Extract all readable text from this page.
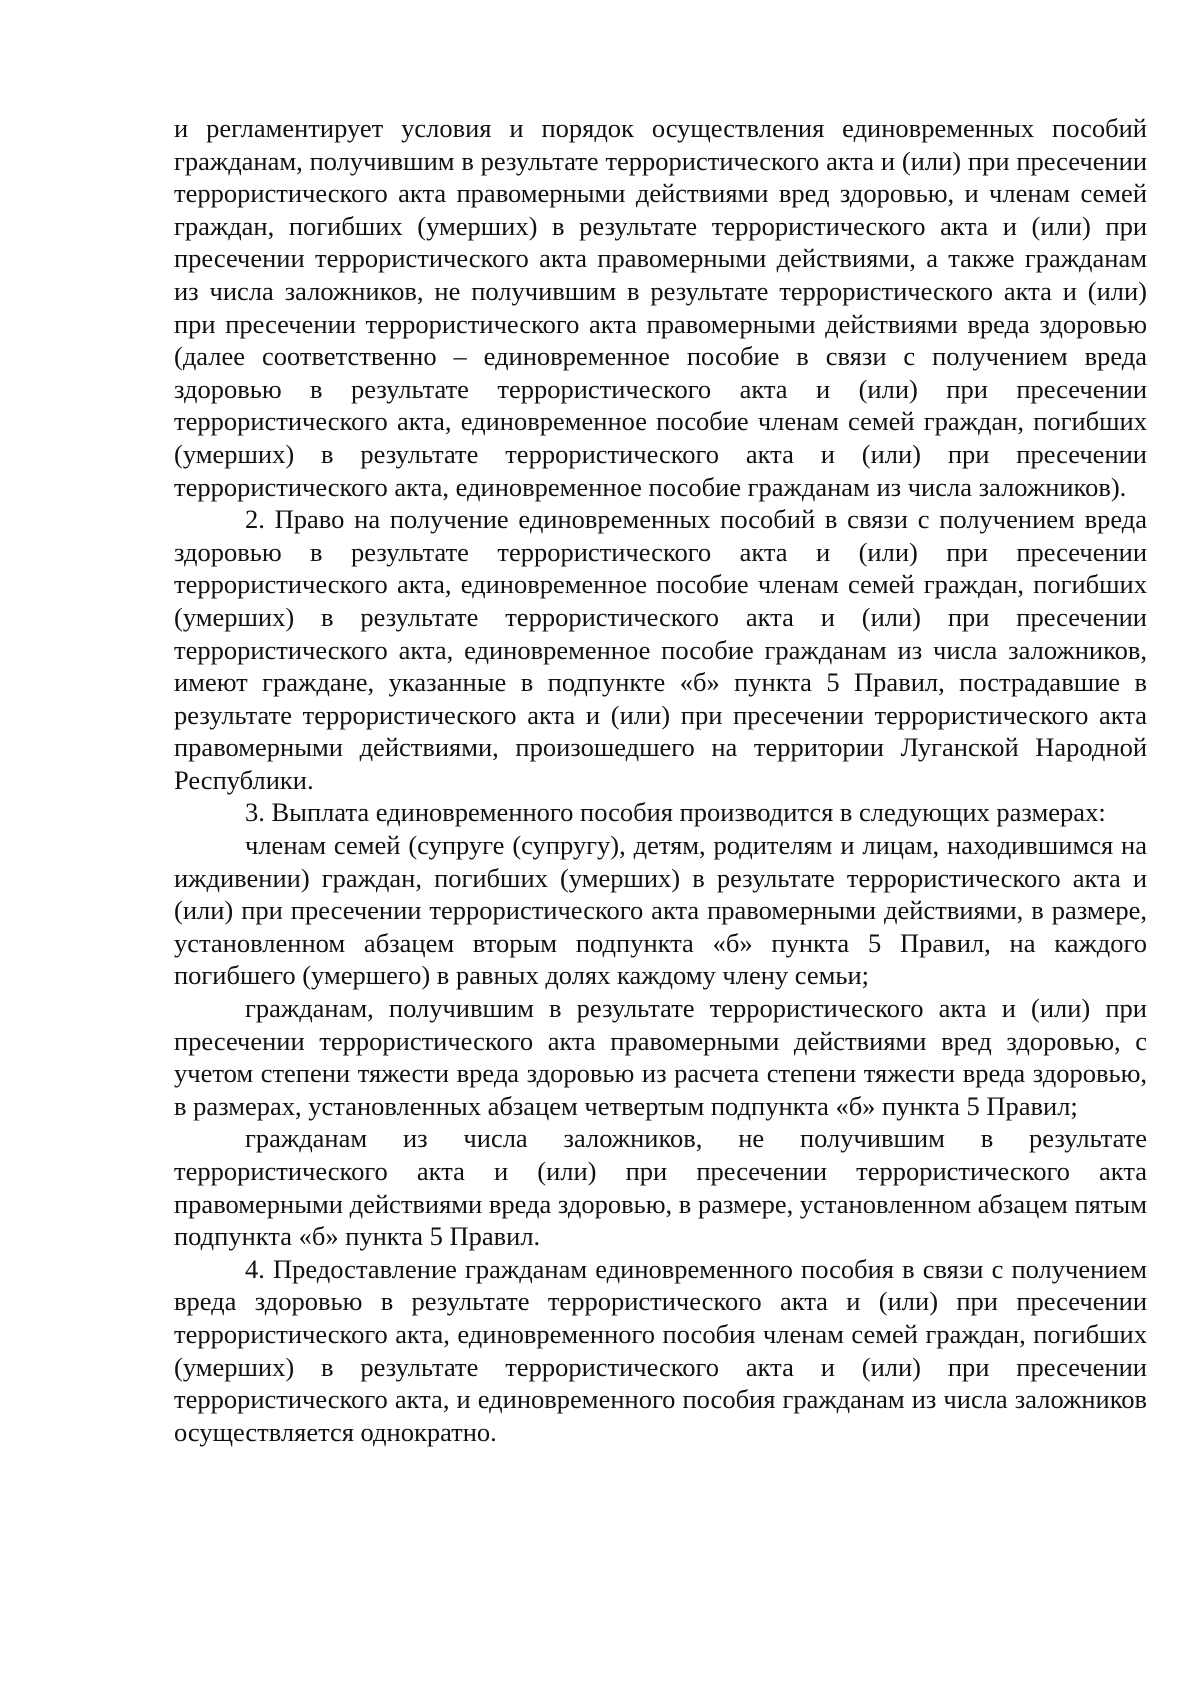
и регламентирует условия и порядок осуществления единовременных пособий гражданам, получившим в результате террористического акта и (или) при пресечении террористического акта правомерными действиями вред здоровью, и членам семей граждан, погибших (умерших) в результате террористического акта и (или) при пресечении террористического акта правомерными действиями, а также гражданам из числа заложников, не получившим в результате террористического акта и (или) при пресечении террористического акта правомерными действиями вреда здоровью (далее соответственно – единовременное пособие в связи с получением вреда здоровью в результате террористического акта и (или) при пресечении террористического акта, единовременное пособие членам семей граждан, погибших (умерших) в результате террористического акта и (или) при пресечении террористического акта, единовременное пособие гражданам из числа заложников).

2. Право на получение единовременных пособий в связи с получением вреда здоровью в результате террористического акта и (или) при пресечении террористического акта, единовременное пособие членам семей граждан, погибших (умерших) в результате террористического акта и (или) при пресечении террористического акта, единовременное пособие гражданам из числа заложников, имеют граждане, указанные в подпункте «б» пункта 5 Правил, пострадавшие в результате террористического акта и (или) при пресечении террористического акта правомерными действиями, произошедшего на территории Луганской Народной Республики.

3. Выплата единовременного пособия производится в следующих размерах:

членам семей (супруге (супругу), детям, родителям и лицам, находившимся на иждивении) граждан, погибших (умерших) в результате террористического акта и (или) при пресечении террористического акта правомерными действиями, в размере, установленном абзацем вторым подпункта «б» пункта 5 Правил, на каждого погибшего (умершего) в равных долях каждому члену семьи;

гражданам, получившим в результате террористического акта и (или) при пресечении террористического акта правомерными действиями вред здоровью, с учетом степени тяжести вреда здоровью из расчета степени тяжести вреда здоровью, в размерах, установленных абзацем четвертым подпункта «б» пункта 5 Правил;

гражданам из числа заложников, не получившим в результате террористического акта и (или) при пресечении террористического акта правомерными действиями вреда здоровью, в размере, установленном абзацем пятым подпункта «б» пункта 5 Правил.

4. Предоставление гражданам единовременного пособия в связи с получением вреда здоровью в результате террористического акта и (или) при пресечении террористического акта, единовременного пособия членам семей граждан, погибших (умерших) в результате террористического акта и (или) при пресечении террористического акта, и единовременного пособия гражданам из числа заложников осуществляется однократно.
